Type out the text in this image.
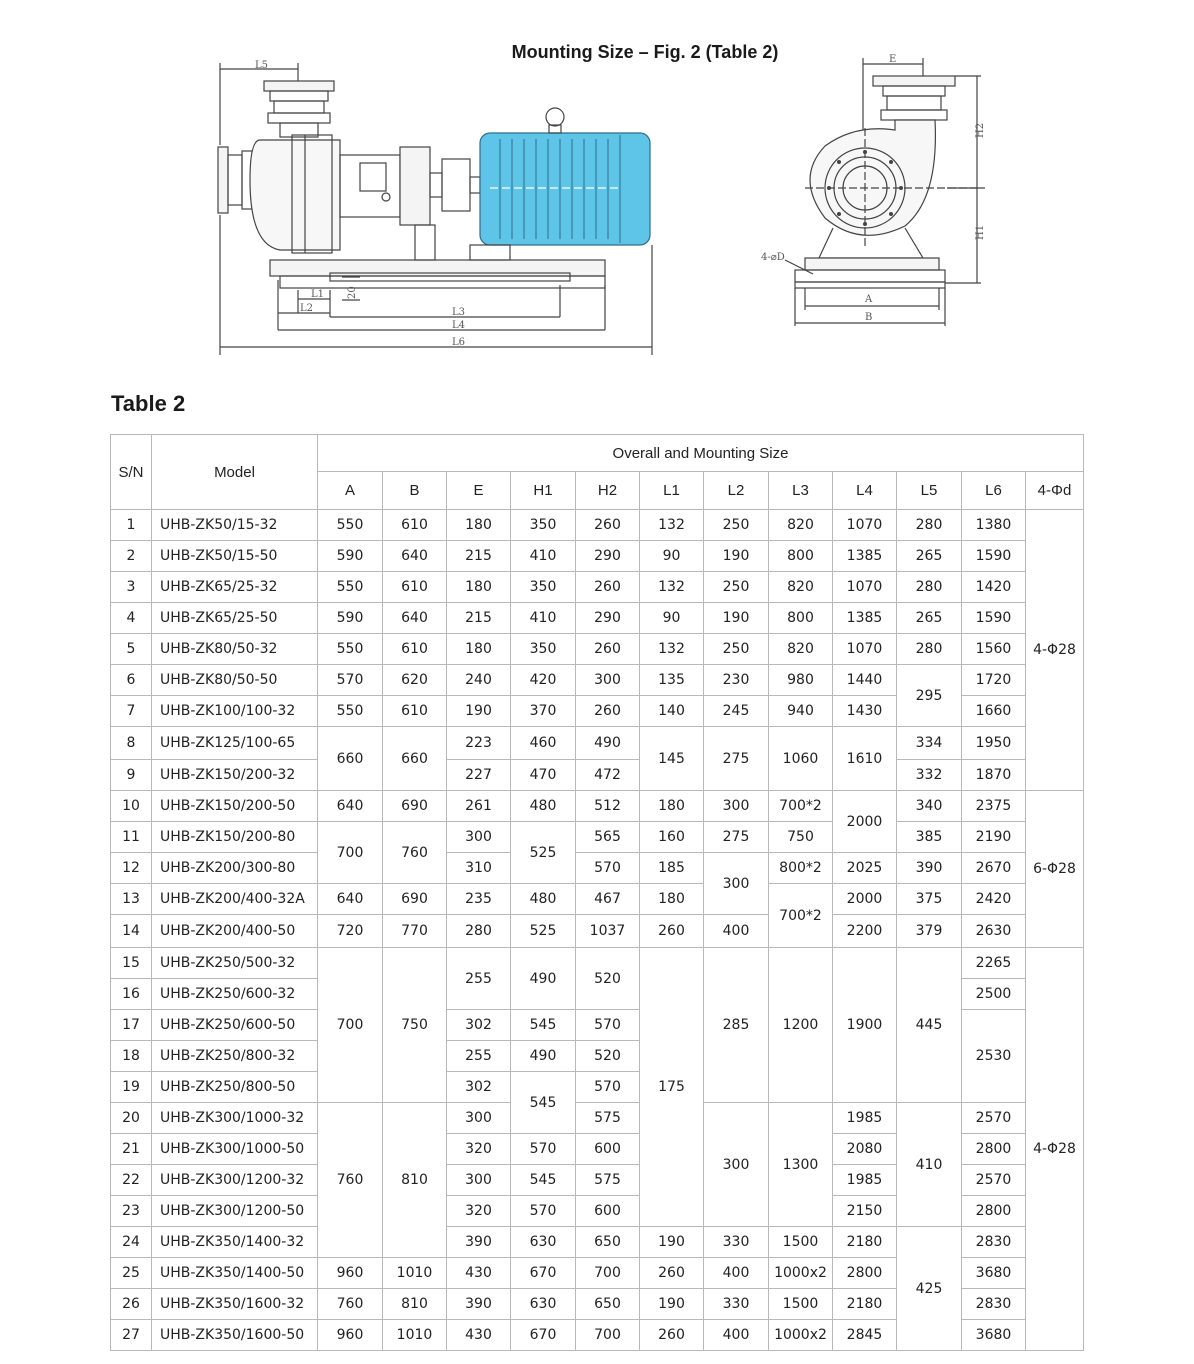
Mounting Size – Fig. 2 (Table 2)
L5
L1
L2
20
L3
L4
L6
E
H2
H1
4-⌀D
A
B
Table 2
S/N	Model	Overall and Mounting Size											
		A	B	E	H1	H2	L1	L2	L3	L4	L5	L6	4-Φd
1	UHB-ZK50/15-32	550	610	180	350	260	132	250	820	1070	280	1380	4-Φ28
2	UHB-ZK50/15-50	590	640	215	410	290	90	190	800	1385	265	1590	
3	UHB-ZK65/25-32	550	610	180	350	260	132	250	820	1070	280	1420	
4	UHB-ZK65/25-50	590	640	215	410	290	90	190	800	1385	265	1590	
5	UHB-ZK80/50-32	550	610	180	350	260	132	250	820	1070	280	1560	
6	UHB-ZK80/50-50	570	620	240	420	300	135	230	980	1440	295	1720	
7	UHB-ZK100/100-32	550	610	190	370	260	140	245	940	1430		1660	
8	UHB-ZK125/100-65	660	660	223	460	490	145	275	1060	1610	334	1950	
9	UHB-ZK150/200-32			227	470	472					332	1870	
10	UHB-ZK150/200-50	640	690	261	480	512	180	300	700*2	2000	340	2375	6-Φ28
11	UHB-ZK150/200-80	700	760	300	525	565	160	275	750		385	2190	
12	UHB-ZK200/300-80			310		570	185	300	800*2	2025	390	2670	
13	UHB-ZK200/400-32A	640	690	235	480	467	180		700*2	2000	375	2420	
14	UHB-ZK200/400-50	720	770	280	525	1037	260	400		2200	379	2630	
15	UHB-ZK250/500-32	700	750	255	490	520	175	285	1200	1900	445	2265	4-Φ28
16	UHB-ZK250/600-32											2500	
17	UHB-ZK250/600-50			302	545	570						2530	
18	UHB-ZK250/800-32			255	490	520							
19	UHB-ZK250/800-50			302	545	570							
20	UHB-ZK300/1000-32	760	810	300		575		300	1300	1985	410	2570	
21	UHB-ZK300/1000-50			320	570	600				2080		2800	
22	UHB-ZK300/1200-32			300	545	575				1985		2570	
23	UHB-ZK300/1200-50			320	570	600				2150		2800	
24	UHB-ZK350/1400-32			390	630	650	190	330	1500	2180	425	2830	
25	UHB-ZK350/1400-50	960	1010	430	670	700	260	400	1000x2	2800		3680	
26	UHB-ZK350/1600-32	760	810	390	630	650	190	330	1500	2180		2830	
27	UHB-ZK350/1600-50	960	1010	430	670	700	260	400	1000x2	2845		3680	
